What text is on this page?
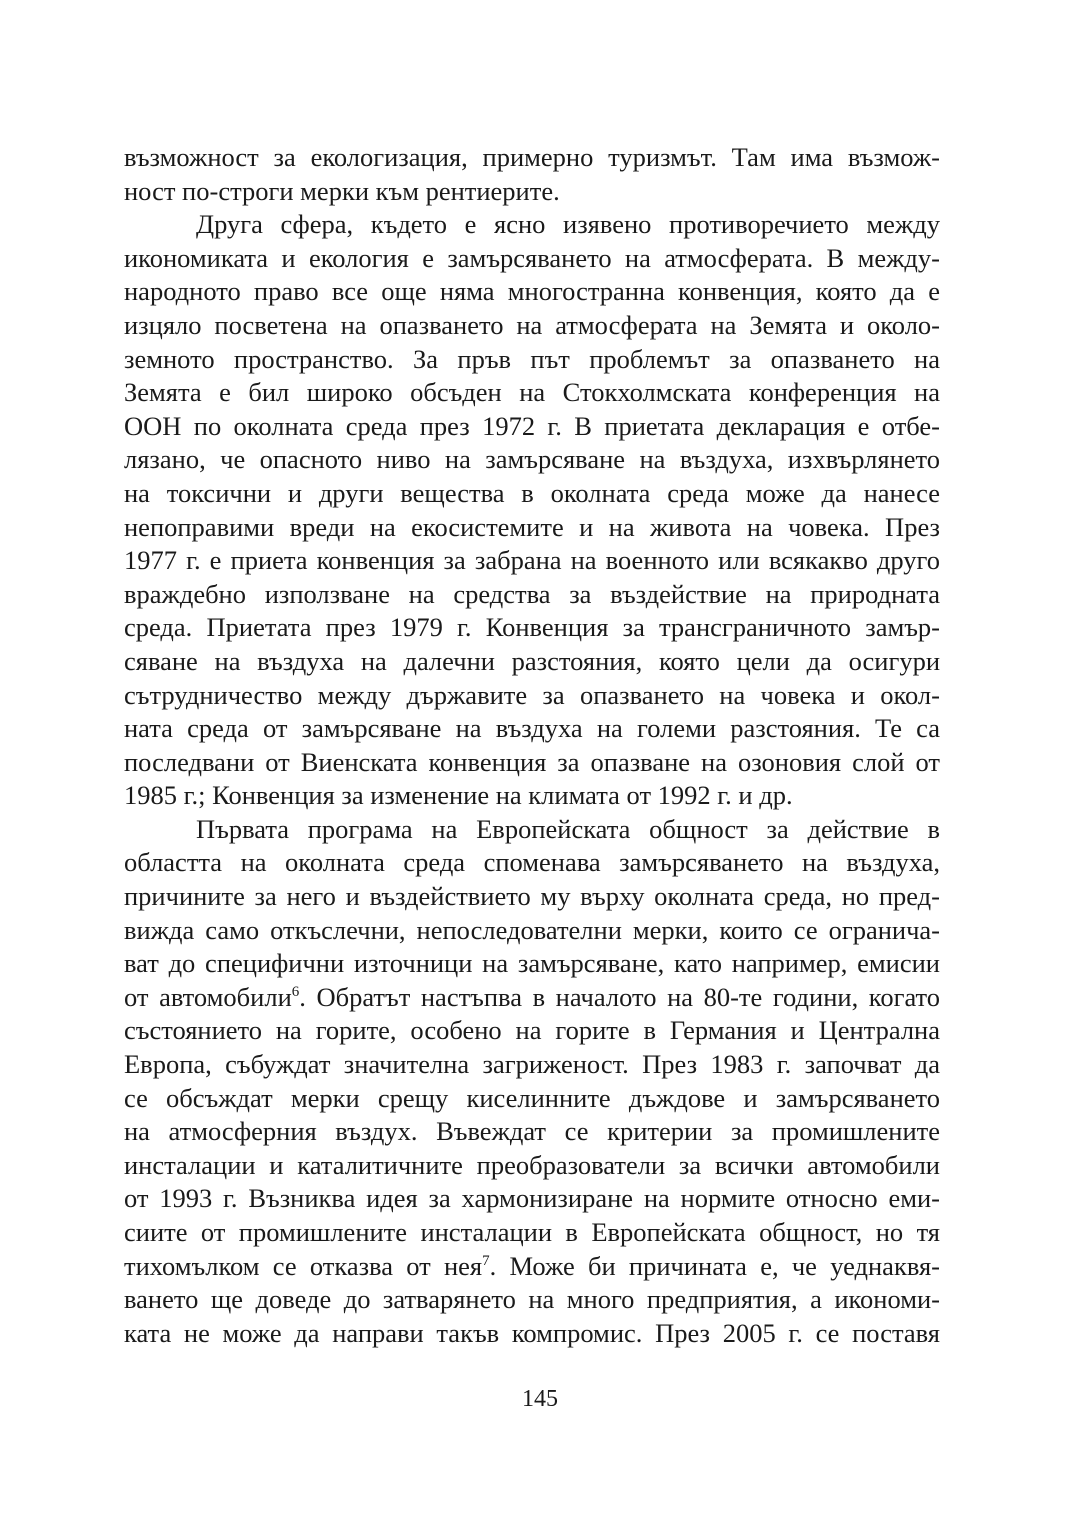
възможност за екологизация, примерно туризмът. Там има възмож-
ност по-строги мерки към рентиерите.
Друга сфера, където е ясно изявено противоречието между
икономиката и екология е замърсяването на атмосферата. В между-
народното право все още няма многостранна конвенция, която да е
изцяло посветена на опазването на атмосферата на Земята и около-
земното пространство. За пръв път проблемът за опазването на
Земята е бил широко обсъден на Стокхолмската конференция на
ООН по околната среда през 1972 г. В приетата декларация е отбе-
лязано, че опасното ниво на замърсяване на въздуха, изхвърлянето
на токсични и други вещества в околната среда може да нанесе
непоправими вреди на екосистемите и на живота на човека. През
1977 г. е приета конвенция за забрана на военното или всякакво друго
враждебно използване на средства за въздействие на природната
среда. Приетата през 1979 г. Конвенция за трансграничното замър-
сяване на въздуха на далечни разстояния, която цели да осигури
сътрудничество между държавите за опазването на човека и окол-
ната среда от замърсяване на въздуха на големи разстояния. Те са
последвани от Виенската конвенция за опазване на озоновия слой от
1985 г.; Конвенция за изменение на климата от 1992 г. и др.
Първата програма на Европейската общност за действие в
областта на околната среда споменава замърсяването на въздуха,
причините за него и въздействието му върху околната среда, но пред-
вижда само откъслечни, непоследователни мерки, които се огранича-
ват до специфични източници на замърсяване, като например, емисии
от автомобили$^6$. Обратът настъпва в началото на 80-те години, когато
състоянието на горите, особено на горите в Германия и Централна
Европа, събуждат значителна загриженост. През 1983 г. започват да
се обсъждат мерки срещу киселинните дъждове и замърсяването
на атмосферния въздух. Въвеждат се критерии за промишлените
инсталации и каталитичните преобразователи за всички автомобили
от 1993 г. Възниква идея за хармонизиране на нормите относно еми-
сиите от промишлените инсталации в Европейската общност, но тя
тихомълком се отказва от нея$^7$. Може би причината е, че уеднаквя-
ването ще доведе до затварянето на много предприятия, а икономи-
ката не може да направи такъв компромис. През 2005 г. се поставя
145
